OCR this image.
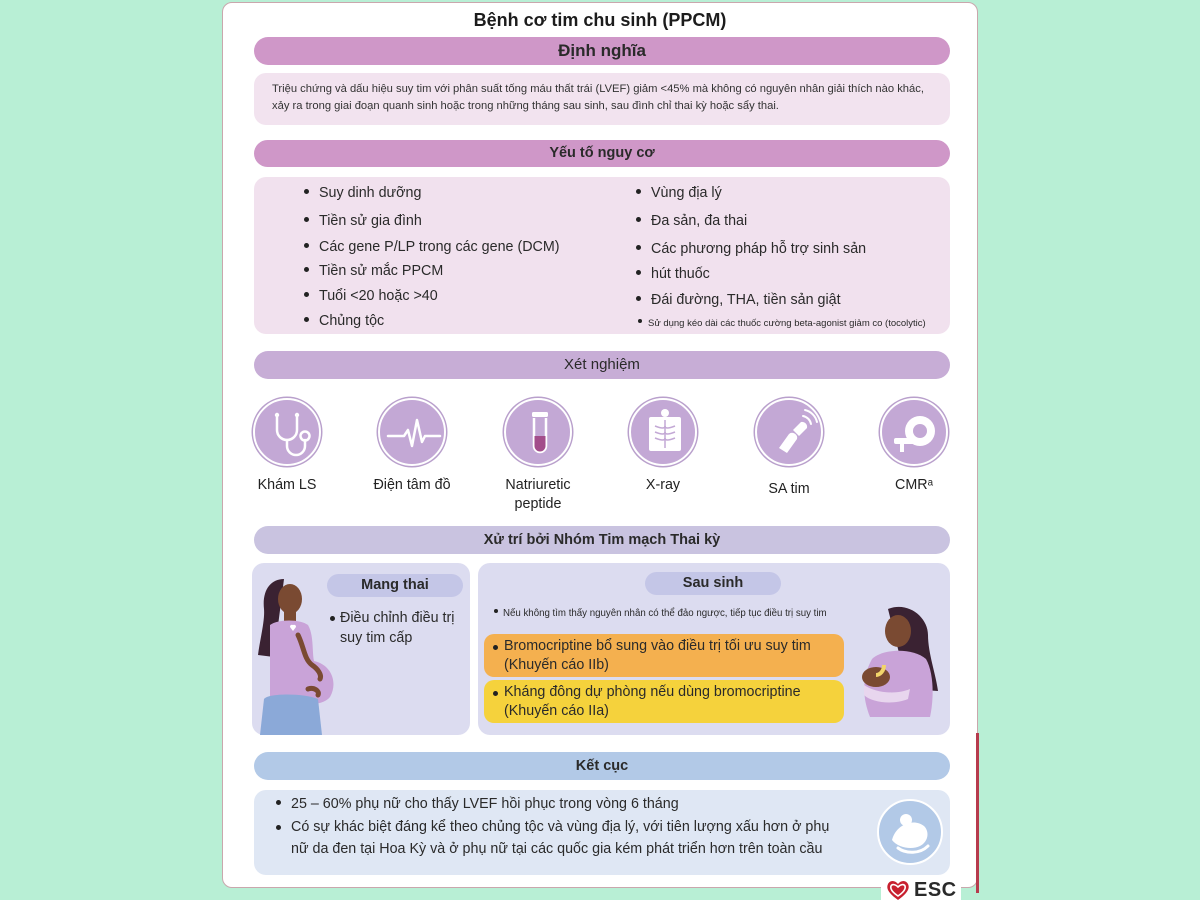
Bệnh cơ tim chu sinh (PPCM)
Định nghĩa
Triệu chứng và dấu hiệu suy tim với phân suất tống máu thất trái (LVEF) giảm <45% mà không có nguyên nhân giải thích nào khác, xảy ra trong giai đoạn quanh sinh hoặc trong những tháng sau sinh, sau đình chỉ thai kỳ hoặc sẩy thai.
Yếu tố nguy cơ
Suy dinh dưỡng
Tiền sử gia đình
Các gene P/LP trong các gene (DCM)
Tiền sử mắc PPCM
Tuổi <20 hoặc >40
Chủng tộc
Vùng địa lý
Đa sản, đa thai
Các phương pháp hỗ trợ sinh sản
hút thuốc
Đái đường, THA, tiền sản giật
Sử dụng kéo dài các thuốc cường beta-agonist giảm co (tocolytic)
Xét nghiệm
Khám LS	Điện tâm đồ	Natriuretic peptide
X-ray	SA tim	CMRᵃ
Xử trí bởi Nhóm Tim mạch Thai kỳ
Mang thai
Điều chỉnh điều trị suy tim cấp
Sau sinh
Nếu không tìm thấy nguyên nhân có thể đảo ngược, tiếp tục điều trị suy tim
Bromocriptine bổ sung vào điều trị tối ưu suy tim (Khuyến cáo IIb)
Kháng đông dự phòng nếu dùng bromocriptine (Khuyến cáo IIa)
Kết cục
25 – 60% phụ nữ cho thấy LVEF hồi phục trong vòng 6 tháng
Có sự khác biệt đáng kể theo chủng tộc và vùng địa lý, với tiên lượng xấu hơn ở phụ nữ da đen tại Hoa Kỳ và ở phụ nữ tại các quốc gia kém phát triển hơn trên toàn cầu
ESC
